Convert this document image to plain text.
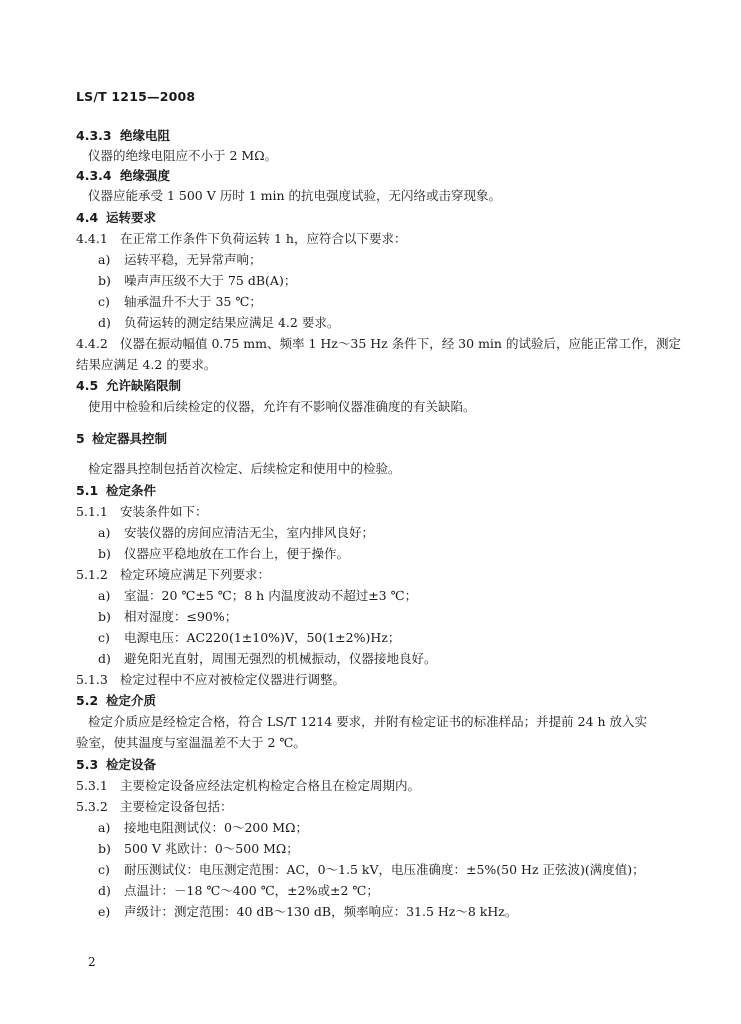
LS/T 1215—2008
4.3.3 绝缘电阻
仪器的绝缘电阻应不小于 2 MΩ。
4.3.4 绝缘强度
仪器应能承受 1 500 V 历时 1 min 的抗电强度试验，无闪络或击穿现象。
4.4 运转要求
4.4.1 在正常工作条件下负荷运转 1 h，应符合以下要求：
a) 运转平稳，无异常声响；
b) 噪声声压级不大于 75 dB(A)；
c) 轴承温升不大于 35 ℃；
d) 负荷运转的测定结果应满足 4.2 要求。
4.4.2 仪器在振动幅值 0.75 mm、频率 1 Hz～35 Hz 条件下，经 30 min 的试验后，应能正常工作，测定
结果应满足 4.2 的要求。
4.5 允许缺陷限制
使用中检验和后续检定的仪器，允许有不影响仪器准确度的有关缺陷。
5 检定器具控制
检定器具控制包括首次检定、后续检定和使用中的检验。
5.1 检定条件
5.1.1 安装条件如下：
a) 安装仪器的房间应清洁无尘，室内排风良好；
b) 仪器应平稳地放在工作台上，便于操作。
5.1.2 检定环境应满足下列要求：
a) 室温：20 ℃±5 ℃；8 h 内温度波动不超过±3 ℃；
b) 相对湿度：≤90%；
c) 电源电压：AC220(1±10%)V，50(1±2%)Hz；
d) 避免阳光直射，周围无强烈的机械振动，仪器接地良好。
5.1.3 检定过程中不应对被检定仪器进行调整。
5.2 检定介质
检定介质应是经检定合格，符合 LS/T 1214 要求，并附有检定证书的标准样品；并提前 24 h 放入实
验室，使其温度与室温温差不大于 2 ℃。
5.3 检定设备
5.3.1 主要检定设备应经法定机构检定合格且在检定周期内。
5.3.2 主要检定设备包括：
a) 接地电阻测试仪：0～200 MΩ；
b) 500 V 兆欧计：0～500 MΩ；
c) 耐压测试仪：电压测定范围：AC，0～1.5 kV，电压准确度：±5%(50 Hz 正弦波)(满度值)；
d) 点温计：－18 ℃～400 ℃，±2%或±2 ℃；
e) 声级计：测定范围：40 dB～130 dB，频率响应：31.5 Hz～8 kHz。
2
